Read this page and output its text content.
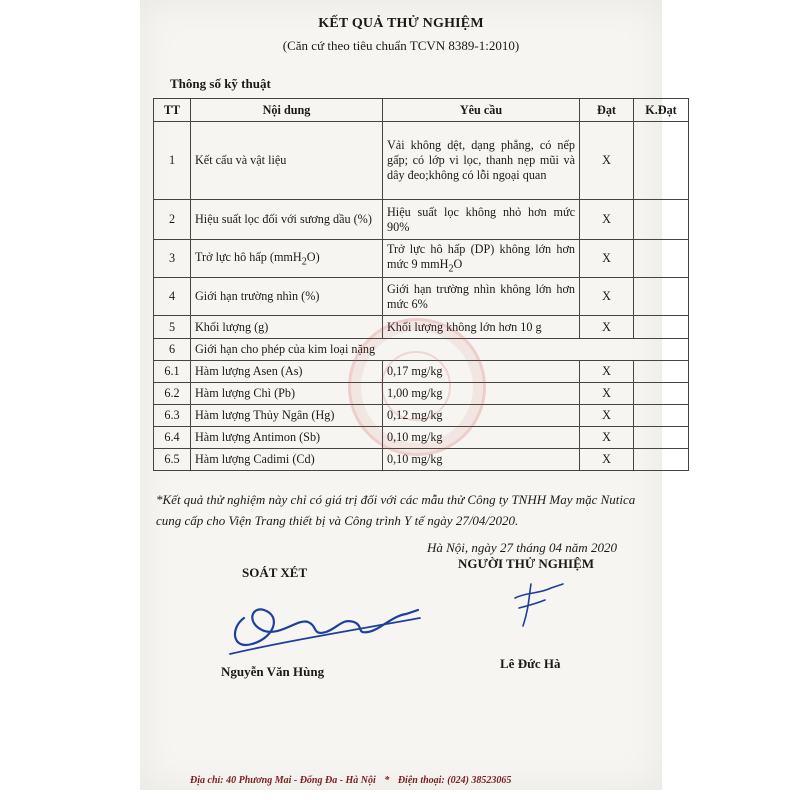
KẾT QUẢ THỬ NGHIỆM
(Căn cứ theo tiêu chuẩn TCVN 8389-1:2010)
Thông số kỹ thuật
TT	Nội dung	Yêu cầu	Đạt	K.Đạt
1	Kết cấu và vật liệu	Vải không dệt, dạng phẳng, có nếp gấp; có lớp vi lọc, thanh nẹp mũi và dây đeo;không có lỗi ngoại quan	X	
2	Hiệu suất lọc đối với sương dầu (%)	Hiệu suất lọc không nhỏ hơn mức 90%	X	
3	Trở lực hô hấp (mmH$_2$O)	Trở lực hô hấp (DP) không lớn hơn mức 9 mmH$_2$O	X	
4	Giới hạn trường nhìn (%)	Giới hạn trường nhìn không lớn hơn mức 6%	X	
5	Khối lượng (g)	Khối lượng không lớn hơn 10 g	X	
6	Giới hạn cho phép của kim loại nặng			
6.1	Hàm lượng Asen (As)	0,17 mg/kg	X	
6.2	Hàm lượng Chì (Pb)	1,00 mg/kg	X	
6.3	Hàm lượng Thủy Ngân (Hg)	0,12 mg/kg	X	
6.4	Hàm lượng Antimon (Sb)	0,10 mg/kg	X	
6.5	Hàm lượng Cadimi (Cd)	0,10 mg/kg	X	
*Kết quả thử nghiệm này chỉ có giá trị đối với các mẫu thử Công ty TNHH May mặc Nutica cung cấp cho Viện Trang thiết bị và Công trình Y tế ngày 27/04/2020.
Hà Nội, ngày 27 tháng 04 năm 2020
SOÁT XÉT
NGƯỜI THỬ NGHIỆM
Nguyễn Văn Hùng
Lê Đức Hà
Địa chỉ: 40 Phương Mai - Đống Đa - Hà Nội * Điện thoại: (024) 38523065
